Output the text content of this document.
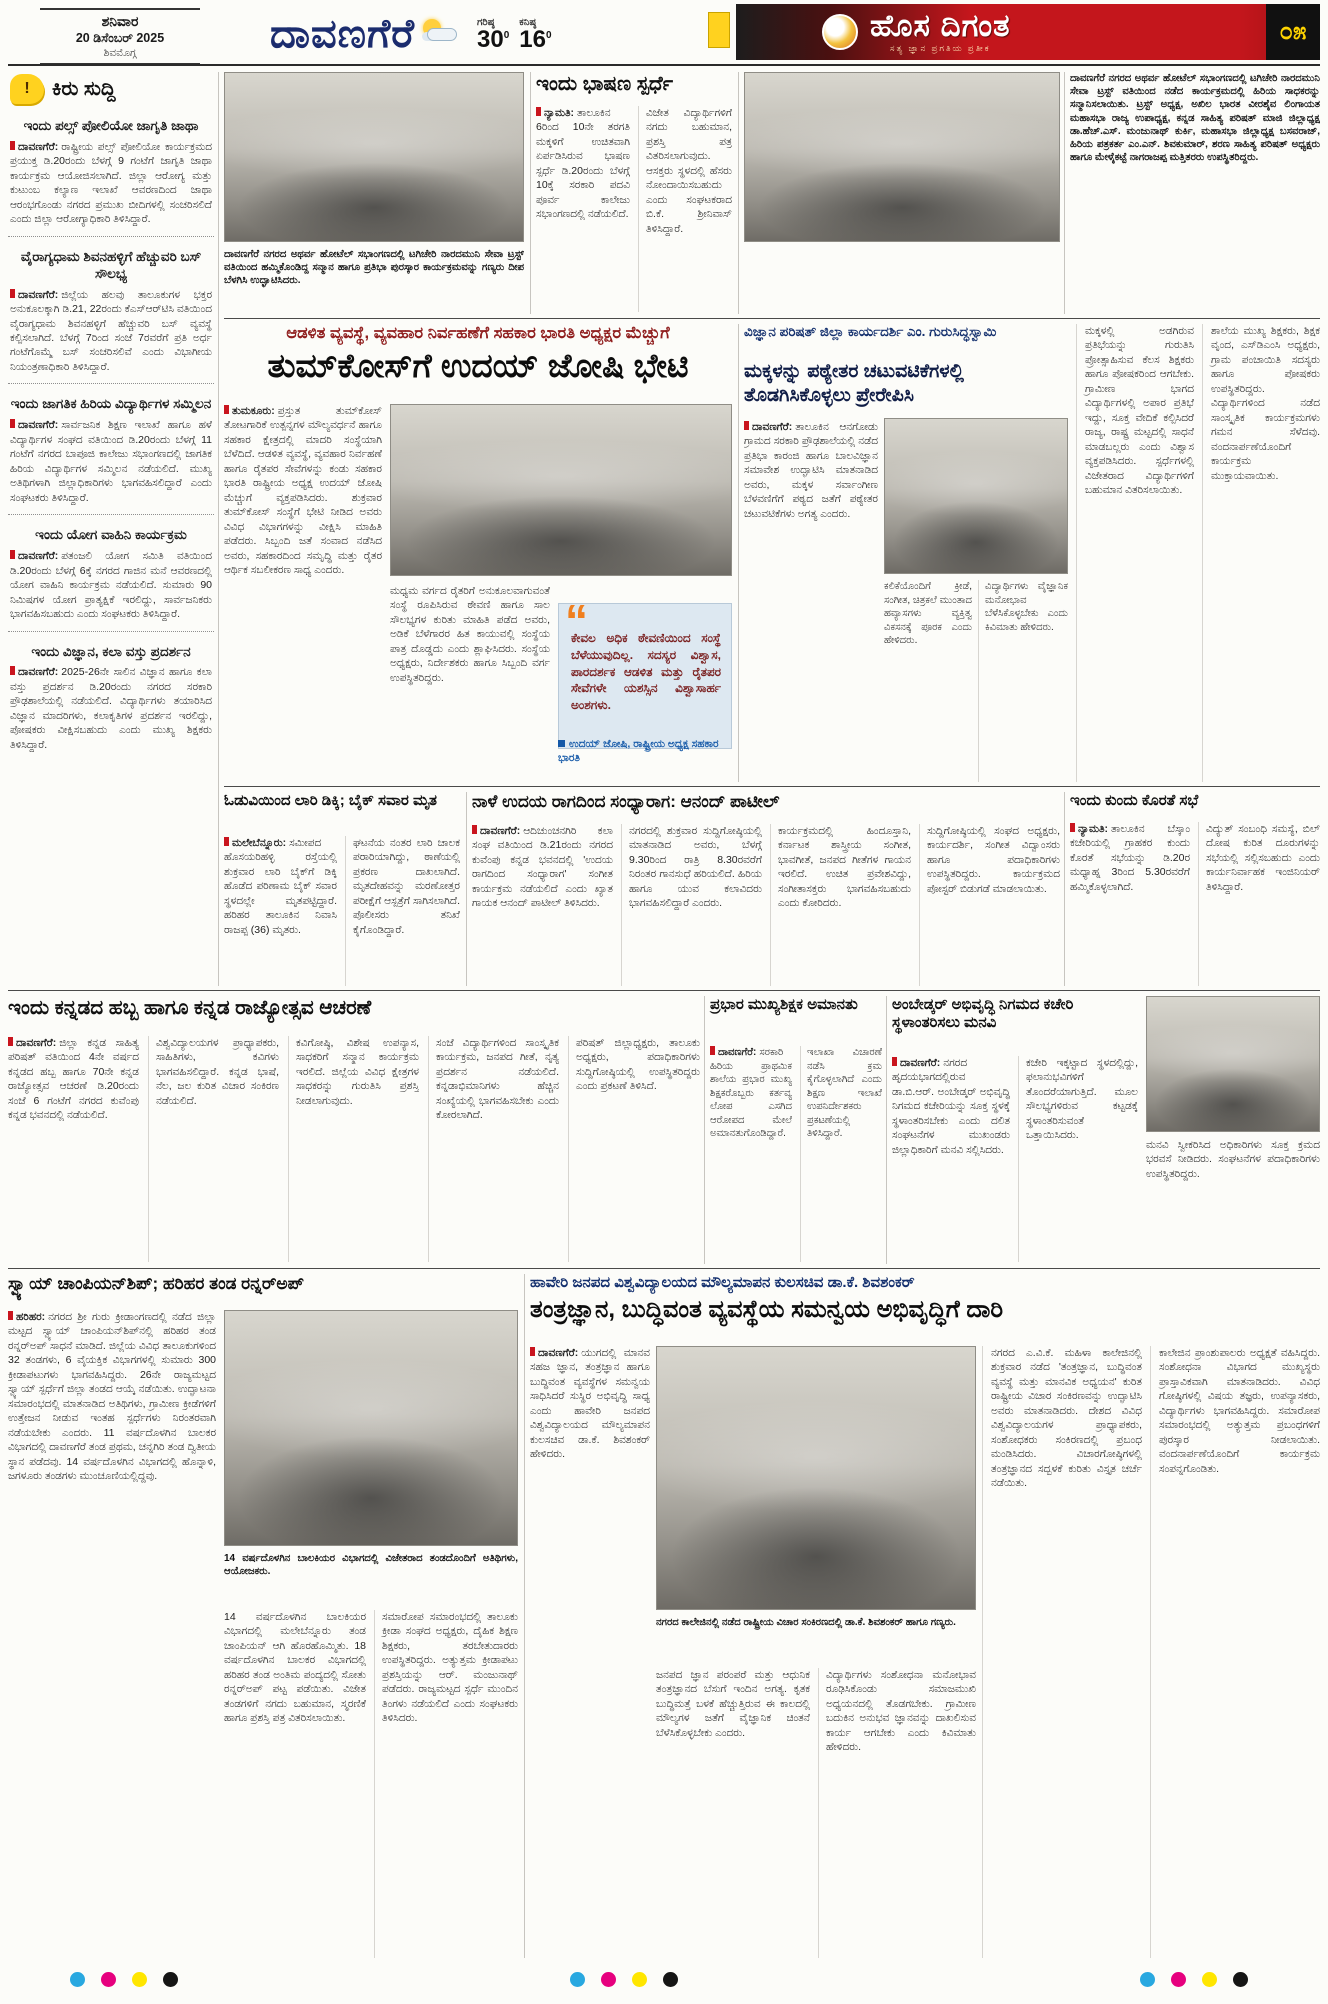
ಶನಿವಾರ
20 ಡಿಸೆಂಬರ್ 2025
ಶಿವಮೊಗ್ಗ	ದಾವಣಗೆರೆ	ಗರಿಷ್ಠ
$30^0$
ಕನಿಷ್ಠ
$16^0$	ಹೊಸ ದಿಗಂತ
ಸತ್ಯ ಜ್ಞಾನ ಪ್ರಗತಿಯ ಪ್ರತೀಕ
೦೫
!	ಕಿರು ಸುದ್ದಿ
ಇಂದು ಪಲ್ಸ್ ಪೋಲಿಯೋ ಜಾಗೃತಿ ಜಾಥಾ

ದಾವಣಗೆರೆ: ರಾಷ್ಟ್ರೀಯ ಪಲ್ಸ್ ಪೋಲಿಯೋ ಕಾರ್ಯಕ್ರಮದ ಪ್ರಯುಕ್ತ ಡಿ.20ರಂದು ಬೆಳಗ್ಗೆ 9 ಗಂಟೆಗೆ ಜಾಗೃತಿ ಜಾಥಾ ಕಾರ್ಯಕ್ರಮ ಆಯೋಜಿಸಲಾಗಿದೆ. ಜಿಲ್ಲಾ ಆರೋಗ್ಯ ಮತ್ತು ಕುಟುಂಬ ಕಲ್ಯಾಣ ಇಲಾಖೆ ಆವರಣದಿಂದ ಜಾಥಾ ಆರಂಭಗೊಂಡು ನಗರದ ಪ್ರಮುಖ ಬೀದಿಗಳಲ್ಲಿ ಸಂಚರಿಸಲಿದೆ ಎಂದು ಜಿಲ್ಲಾ ಆರೋಗ್ಯಾಧಿಕಾರಿ ತಿಳಿಸಿದ್ದಾರೆ.

ವೈರಾಗ್ಯಧಾಮ ಶಿವನಹಳ್ಳಿಗೆ ಹೆಚ್ಚುವರಿ ಬಸ್ ಸೌಲಭ್ಯ

ದಾವಣಗೆರೆ: ಜಿಲ್ಲೆಯ ಹಲವು ತಾಲೂಕುಗಳ ಭಕ್ತರ ಅನುಕೂಲಕ್ಕಾಗಿ ಡಿ.21, 22ರಂದು ಕೆಎಸ್‌ಆರ್‌ಟಿಸಿ ವತಿಯಿಂದ ವೈರಾಗ್ಯಧಾಮ ಶಿವನಹಳ್ಳಿಗೆ ಹೆಚ್ಚುವರಿ ಬಸ್ ವ್ಯವಸ್ಥೆ ಕಲ್ಪಿಸಲಾಗಿದೆ. ಬೆಳಗ್ಗೆ 7ರಿಂದ ಸಂಜೆ 7ರವರೆಗೆ ಪ್ರತಿ ಅರ್ಧ ಗಂಟೆಗೊಮ್ಮೆ ಬಸ್ ಸಂಚರಿಸಲಿವೆ ಎಂದು ವಿಭಾಗೀಯ ನಿಯಂತ್ರಣಾಧಿಕಾರಿ ತಿಳಿಸಿದ್ದಾರೆ.

ಇಂದು ಜಾಗತಿಕ ಹಿರಿಯ ವಿದ್ಯಾರ್ಥಿಗಳ ಸಮ್ಮಿಲನ

ದಾವಣಗೆರೆ: ಸಾರ್ವಜನಿಕ ಶಿಕ್ಷಣ ಇಲಾಖೆ ಹಾಗೂ ಹಳೆ ವಿದ್ಯಾರ್ಥಿಗಳ ಸಂಘದ ವತಿಯಿಂದ ಡಿ.20ರಂದು ಬೆಳಗ್ಗೆ 11 ಗಂಟೆಗೆ ನಗರದ ಬಾಪೂಜಿ ಕಾಲೇಜು ಸಭಾಂಗಣದಲ್ಲಿ ಜಾಗತಿಕ ಹಿರಿಯ ವಿದ್ಯಾರ್ಥಿಗಳ ಸಮ್ಮಿಲನ ನಡೆಯಲಿದೆ. ಮುಖ್ಯ ಅತಿಥಿಗಳಾಗಿ ಜಿಲ್ಲಾಧಿಕಾರಿಗಳು ಭಾಗವಹಿಸಲಿದ್ದಾರೆ ಎಂದು ಸಂಘಟಕರು ತಿಳಿಸಿದ್ದಾರೆ.

ಇಂದು ಯೋಗ ವಾಹಿನಿ ಕಾರ್ಯಕ್ರಮ

ದಾವಣಗೆರೆ: ಪತಂಜಲಿ ಯೋಗ ಸಮಿತಿ ವತಿಯಿಂದ ಡಿ.20ರಂದು ಬೆಳಗ್ಗೆ 6ಕ್ಕೆ ನಗರದ ಗಾಜಿನ ಮನೆ ಆವರಣದಲ್ಲಿ ಯೋಗ ವಾಹಿನಿ ಕಾರ್ಯಕ್ರಮ ನಡೆಯಲಿದೆ. ಸುಮಾರು 90 ನಿಮಿಷಗಳ ಯೋಗ ಪ್ರಾತ್ಯಕ್ಷಿಕೆ ಇರಲಿದ್ದು, ಸಾರ್ವಜನಿಕರು ಭಾಗವಹಿಸಬಹುದು ಎಂದು ಸಂಘಟಕರು ತಿಳಿಸಿದ್ದಾರೆ.

ಇಂದು ವಿಜ್ಞಾನ, ಕಲಾ ವಸ್ತು ಪ್ರದರ್ಶನ

ದಾವಣಗೆರೆ: 2025-26ನೇ ಸಾಲಿನ ವಿಜ್ಞಾನ ಹಾಗೂ ಕಲಾ ವಸ್ತು ಪ್ರದರ್ಶನ ಡಿ.20ರಂದು ನಗರದ ಸರಕಾರಿ ಪ್ರೌಢಶಾಲೆಯಲ್ಲಿ ನಡೆಯಲಿದೆ. ವಿದ್ಯಾರ್ಥಿಗಳು ತಯಾರಿಸಿದ ವಿಜ್ಞಾನ ಮಾದರಿಗಳು, ಕಲಾಕೃತಿಗಳ ಪ್ರದರ್ಶನ ಇರಲಿದ್ದು, ಪೋಷಕರು ವೀಕ್ಷಿಸಬಹುದು ಎಂದು ಮುಖ್ಯ ಶಿಕ್ಷಕರು ತಿಳಿಸಿದ್ದಾರೆ.

ದಾವಣಗೆರೆ ನಗರದ ಅಥರ್ವ ಹೋಟೆಲ್ ಸಭಾಂಗಣದಲ್ಲಿ ಟಗಿಚೇರಿ ನಾರದಮುನಿ ಸೇವಾ ಟ್ರಸ್ಟ್ ವತಿಯಿಂದ ಹಮ್ಮಿಕೊಂಡಿದ್ದ ಸನ್ಮಾನ ಹಾಗೂ ಪ್ರತಿಭಾ ಪುರಸ್ಕಾರ ಕಾರ್ಯಕ್ರಮವನ್ನು ಗಣ್ಯರು ದೀಪ ಬೆಳಗಿಸಿ ಉದ್ಘಾಟಿಸಿದರು.
ಇಂದು ಭಾಷಣ ಸ್ಪರ್ಧೆ
ನ್ಯಾಮತಿ: ತಾಲೂಕಿನ 6ರಿಂದ 10ನೇ ತರಗತಿ ಮಕ್ಕಳಿಗೆ ಉಚಿತವಾಗಿ ಏರ್ಪಡಿಸಿರುವ ಭಾಷಣ ಸ್ಪರ್ಧೆ ಡಿ.20ರಂದು ಬೆಳಗ್ಗೆ 10ಕ್ಕೆ ಸರಕಾರಿ ಪದವಿ ಪೂರ್ವ ಕಾಲೇಜು ಸಭಾಂಗಣದಲ್ಲಿ ನಡೆಯಲಿದೆ.
ವಿಜೇತ ವಿದ್ಯಾರ್ಥಿಗಳಿಗೆ ನಗದು ಬಹುಮಾನ, ಪ್ರಶಸ್ತಿ ಪತ್ರ ವಿತರಿಸಲಾಗುವುದು. ಆಸಕ್ತರು ಸ್ಥಳದಲ್ಲಿ ಹೆಸರು ನೋಂದಾಯಿಸಬಹುದು ಎಂದು ಸಂಘಟಕರಾದ ಬಿ.ಕೆ. ಶ್ರೀನಿವಾಸ್ ತಿಳಿಸಿದ್ದಾರೆ.
ದಾವಣಗೆರೆ ನಗರದ ಅಥರ್ವ ಹೋಟೆಲ್ ಸಭಾಂಗಣದಲ್ಲಿ ಟಗಿಚೇರಿ ನಾರದಮುನಿ ಸೇವಾ ಟ್ರಸ್ಟ್ ವತಿಯಿಂದ ನಡೆದ ಕಾರ್ಯಕ್ರಮದಲ್ಲಿ ಹಿರಿಯ ಸಾಧಕರನ್ನು ಸನ್ಮಾನಿಸಲಾಯಿತು. ಟ್ರಸ್ಟ್ ಅಧ್ಯಕ್ಷ, ಅಖಿಲ ಭಾರತ ವೀರಶೈವ ಲಿಂಗಾಯತ ಮಹಾಸಭಾ ರಾಜ್ಯ ಉಪಾಧ್ಯಕ್ಷ, ಕನ್ನಡ ಸಾಹಿತ್ಯ ಪರಿಷತ್ ಮಾಜಿ ಜಿಲ್ಲಾಧ್ಯಕ್ಷ ಡಾ.ಹೆಚ್.ಎಸ್. ಮಂಜುನಾಥ್ ಕುರ್ಕಿ, ಮಹಾಸಭಾ ಜಿಲ್ಲಾಧ್ಯಕ್ಷ ಬಸವರಾಜ್, ಹಿರಿಯ ಪತ್ರಕರ್ತ ಎಂ.ಎನ್. ಶಿವಕುಮಾರ್, ಶರಣ ಸಾಹಿತ್ಯ ಪರಿಷತ್ ಅಧ್ಯಕ್ಷರು ಹಾಗೂ ಮೇಳೈಕಟ್ಟೆ ನಾಗರಾಜಪ್ಪ ಮತ್ತಿತರರು ಉಪಸ್ಥಿತರಿದ್ದರು.
ಆಡಳಿತ ವ್ಯವಸ್ಥೆ, ವ್ಯವಹಾರ ನಿರ್ವಹಣೆಗೆ ಸಹಕಾರ ಭಾರತಿ ಅಧ್ಯಕ್ಷರ ಮೆಚ್ಚುಗೆ
ತುಮ್‌ಕೋಸ್‌ಗೆ ಉದಯ್ ಜೋಷಿ ಭೇಟಿ
ತುಮಕೂರು: ಪ್ರಸ್ತುತ ತುಮ್‌ಕೋಸ್ ತೋಟಗಾರಿಕೆ ಉತ್ಪನ್ನಗಳ ಮೌಲ್ಯವರ್ಧನೆ ಹಾಗೂ ಸಹಕಾರ ಕ್ಷೇತ್ರದಲ್ಲಿ ಮಾದರಿ ಸಂಸ್ಥೆಯಾಗಿ ಬೆಳೆದಿದೆ. ಆಡಳಿತ ವ್ಯವಸ್ಥೆ, ವ್ಯವಹಾರ ನಿರ್ವಹಣೆ ಹಾಗೂ ರೈತಪರ ಸೇವೆಗಳನ್ನು ಕಂಡು ಸಹಕಾರ ಭಾರತಿ ರಾಷ್ಟ್ರೀಯ ಅಧ್ಯಕ್ಷ ಉದಯ್ ಜೋಷಿ ಮೆಚ್ಚುಗೆ ವ್ಯಕ್ತಪಡಿಸಿದರು. ಶುಕ್ರವಾರ ತುಮ್‌ಕೋಸ್ ಸಂಸ್ಥೆಗೆ ಭೇಟಿ ನೀಡಿದ ಅವರು ವಿವಿಧ ವಿಭಾಗಗಳನ್ನು ವೀಕ್ಷಿಸಿ ಮಾಹಿತಿ ಪಡೆದರು. ಸಿಬ್ಬಂದಿ ಜತೆ ಸಂವಾದ ನಡೆಸಿದ ಅವರು, ಸಹಕಾರದಿಂದ ಸಮೃದ್ಧಿ ಮತ್ತು ರೈತರ ಆರ್ಥಿಕ ಸಬಲೀಕರಣ ಸಾಧ್ಯ ಎಂದರು.
ಮಧ್ಯಮ ವರ್ಗದ ರೈತರಿಗೆ ಅನುಕೂಲವಾಗುವಂತೆ ಸಂಸ್ಥೆ ರೂಪಿಸಿರುವ ಠೇವಣಿ ಹಾಗೂ ಸಾಲ ಸೌಲಭ್ಯಗಳ ಕುರಿತು ಮಾಹಿತಿ ಪಡೆದ ಅವರು, ಅಡಿಕೆ ಬೆಳೆಗಾರರ ಹಿತ ಕಾಯುವಲ್ಲಿ ಸಂಸ್ಥೆಯ ಪಾತ್ರ ದೊಡ್ಡದು ಎಂದು ಶ್ಲಾಘಿಸಿದರು. ಸಂಸ್ಥೆಯ ಅಧ್ಯಕ್ಷರು, ನಿರ್ದೇಶಕರು ಹಾಗೂ ಸಿಬ್ಬಂದಿ ವರ್ಗ ಉಪಸ್ಥಿತರಿದ್ದರು.
“
ಕೇವಲ ಅಧಿಕ ಠೇವಣಿಯಿಂದ ಸಂಸ್ಥೆ ಬೆಳೆಯುವುದಿಲ್ಲ. ಸದಸ್ಯರ ವಿಶ್ವಾಸ, ಪಾರದರ್ಶಕ ಆಡಳಿತ ಮತ್ತು ರೈತಪರ ಸೇವೆಗಳೇ ಯಶಸ್ಸಿನ ವಿಶ್ವಾಸಾರ್ಹ ಅಂಶಗಳು.
ಉದಯ್ ಜೋಷಿ, ರಾಷ್ಟ್ರೀಯ ಅಧ್ಯಕ್ಷ ಸಹಕಾರ ಭಾರತಿ
ವಿಜ್ಞಾನ ಪರಿಷತ್ ಜಿಲ್ಲಾ ಕಾರ್ಯದರ್ಶಿ ಎಂ. ಗುರುಸಿದ್ಧಸ್ವಾಮಿ
ಮಕ್ಕಳನ್ನು ಪಠ್ಯೇತರ ಚಟುವಟಿಕೆಗಳಲ್ಲಿ ತೊಡಗಿಸಿಕೊಳ್ಳಲು ಪ್ರೇರೇಪಿಸಿ
ದಾವಣಗೆರೆ: ತಾಲೂಕಿನ ಆನಗೋಡು ಗ್ರಾಮದ ಸರಕಾರಿ ಪ್ರೌಢಶಾಲೆಯಲ್ಲಿ ನಡೆದ ಪ್ರತಿಭಾ ಕಾರಂಜಿ ಹಾಗೂ ಬಾಲವಿಜ್ಞಾನ ಸಮಾವೇಶ ಉದ್ಘಾಟಿಸಿ ಮಾತನಾಡಿದ ಅವರು, ಮಕ್ಕಳ ಸರ್ವಾಂಗೀಣ ಬೆಳವಣಿಗೆಗೆ ಪಠ್ಯದ ಜತೆಗೆ ಪಠ್ಯೇತರ ಚಟುವಟಿಕೆಗಳು ಅಗತ್ಯ ಎಂದರು.
ಕಲಿಕೆಯೊಂದಿಗೆ ಕ್ರೀಡೆ, ಸಂಗೀತ, ಚಿತ್ರಕಲೆ ಮುಂತಾದ ಹವ್ಯಾಸಗಳು ವ್ಯಕ್ತಿತ್ವ ವಿಕಸನಕ್ಕೆ ಪೂರಕ ಎಂದು ಹೇಳಿದರು.
ವಿದ್ಯಾರ್ಥಿಗಳು ವೈಜ್ಞಾನಿಕ ಮನೋಭಾವ ಬೆಳೆಸಿಕೊಳ್ಳಬೇಕು ಎಂದು ಕಿವಿಮಾತು ಹೇಳಿದರು.
ಮಕ್ಕಳಲ್ಲಿ ಅಡಗಿರುವ ಪ್ರತಿಭೆಯನ್ನು ಗುರುತಿಸಿ ಪ್ರೋತ್ಸಾಹಿಸುವ ಕೆಲಸ ಶಿಕ್ಷಕರು ಹಾಗೂ ಪೋಷಕರಿಂದ ಆಗಬೇಕು. ಗ್ರಾಮೀಣ ಭಾಗದ ವಿದ್ಯಾರ್ಥಿಗಳಲ್ಲಿ ಅಪಾರ ಪ್ರತಿಭೆ ಇದ್ದು, ಸೂಕ್ತ ವೇದಿಕೆ ಕಲ್ಪಿಸಿದರೆ ರಾಜ್ಯ, ರಾಷ್ಟ್ರ ಮಟ್ಟದಲ್ಲಿ ಸಾಧನೆ ಮಾಡಬಲ್ಲರು ಎಂದು ವಿಶ್ವಾಸ ವ್ಯಕ್ತಪಡಿಸಿದರು. ಸ್ಪರ್ಧೆಗಳಲ್ಲಿ ವಿಜೇತರಾದ ವಿದ್ಯಾರ್ಥಿಗಳಿಗೆ ಬಹುಮಾನ ವಿತರಿಸಲಾಯಿತು.
ಶಾಲೆಯ ಮುಖ್ಯ ಶಿಕ್ಷಕರು, ಶಿಕ್ಷಕ ವೃಂದ, ಎಸ್‌ಡಿಎಂಸಿ ಅಧ್ಯಕ್ಷರು, ಗ್ರಾಮ ಪಂಚಾಯಿತಿ ಸದಸ್ಯರು ಹಾಗೂ ಪೋಷಕರು ಉಪಸ್ಥಿತರಿದ್ದರು. ವಿದ್ಯಾರ್ಥಿಗಳಿಂದ ನಡೆದ ಸಾಂಸ್ಕೃತಿಕ ಕಾರ್ಯಕ್ರಮಗಳು ಗಮನ ಸೆಳೆದವು. ವಂದನಾರ್ಪಣೆಯೊಂದಿಗೆ ಕಾರ್ಯಕ್ರಮ ಮುಕ್ತಾಯವಾಯಿತು.
ಓಡುವಿಯಿಂದ ಲಾರಿ ಡಿಕ್ಕಿ; ಬೈಕ್ ಸವಾರ ಮೃತ
ಮಲೇಬೆನ್ನೂರು: ಸಮೀಪದ ಹೊಸಯರಿಹಳ್ಳಿ ರಸ್ತೆಯಲ್ಲಿ ಶುಕ್ರವಾರ ಲಾರಿ ಬೈಕ್‌ಗೆ ಡಿಕ್ಕಿ ಹೊಡೆದ ಪರಿಣಾಮ ಬೈಕ್ ಸವಾರ ಸ್ಥಳದಲ್ಲೇ ಮೃತಪಟ್ಟಿದ್ದಾರೆ. ಹರಿಹರ ತಾಲೂಕಿನ ನಿವಾಸಿ ರಾಜಪ್ಪ (36) ಮೃತರು.
ಘಟನೆಯ ನಂತರ ಲಾರಿ ಚಾಲಕ ಪರಾರಿಯಾಗಿದ್ದು, ಠಾಣೆಯಲ್ಲಿ ಪ್ರಕರಣ ದಾಖಲಾಗಿದೆ. ಮೃತದೇಹವನ್ನು ಮರಣೋತ್ತರ ಪರೀಕ್ಷೆಗೆ ಆಸ್ಪತ್ರೆಗೆ ಸಾಗಿಸಲಾಗಿದೆ. ಪೊಲೀಸರು ತನಿಖೆ ಕೈಗೊಂಡಿದ್ದಾರೆ.
ನಾಳೆ ಉದಯ ರಾಗದಿಂದ ಸಂಧ್ಯಾರಾಗ: ಆನಂದ್ ಪಾಟೀಲ್
ದಾವಣಗೆರೆ: ಆದಿಚುಂಚನಗಿರಿ ಕಲಾ ಸಂಘ ವತಿಯಿಂದ ಡಿ.21ರಂದು ನಗರದ ಕುವೆಂಪು ಕನ್ನಡ ಭವನದಲ್ಲಿ 'ಉದಯ ರಾಗದಿಂದ ಸಂಧ್ಯಾರಾಗ' ಸಂಗೀತ ಕಾರ್ಯಕ್ರಮ ನಡೆಯಲಿದೆ ಎಂದು ಖ್ಯಾತ ಗಾಯಕ ಆನಂದ್ ಪಾಟೀಲ್ ತಿಳಿಸಿದರು.
ನಗರದಲ್ಲಿ ಶುಕ್ರವಾರ ಸುದ್ದಿಗೋಷ್ಠಿಯಲ್ಲಿ ಮಾತನಾಡಿದ ಅವರು, ಬೆಳಗ್ಗೆ 9.30ರಿಂದ ರಾತ್ರಿ 8.30ರವರೆಗೆ ನಿರಂತರ ಗಾನಸುಧೆ ಹರಿಯಲಿದೆ. ಹಿರಿಯ ಹಾಗೂ ಯುವ ಕಲಾವಿದರು ಭಾಗವಹಿಸಲಿದ್ದಾರೆ ಎಂದರು.
ಕಾರ್ಯಕ್ರಮದಲ್ಲಿ ಹಿಂದೂಸ್ತಾನಿ, ಕರ್ನಾಟಕ ಶಾಸ್ತ್ರೀಯ ಸಂಗೀತ, ಭಾವಗೀತೆ, ಜನಪದ ಗೀತೆಗಳ ಗಾಯನ ಇರಲಿದೆ. ಉಚಿತ ಪ್ರವೇಶವಿದ್ದು, ಸಂಗೀತಾಸಕ್ತರು ಭಾಗವಹಿಸಬಹುದು ಎಂದು ಕೋರಿದರು.
ಸುದ್ದಿಗೋಷ್ಠಿಯಲ್ಲಿ ಸಂಘದ ಅಧ್ಯಕ್ಷರು, ಕಾರ್ಯದರ್ಶಿ, ಸಂಗೀತ ವಿದ್ವಾಂಸರು ಹಾಗೂ ಪದಾಧಿಕಾರಿಗಳು ಉಪಸ್ಥಿತರಿದ್ದರು. ಕಾರ್ಯಕ್ರಮದ ಪೋಸ್ಟರ್ ಬಿಡುಗಡೆ ಮಾಡಲಾಯಿತು.
ಇಂದು ಕುಂದು ಕೊರತೆ ಸಭೆ
ನ್ಯಾಮತಿ: ತಾಲೂಕಿನ ಬೆಸ್ಕಾಂ ಕಚೇರಿಯಲ್ಲಿ ಗ್ರಾಹಕರ ಕುಂದು ಕೊರತೆ ಸಭೆಯನ್ನು ಡಿ.20ರ ಮಧ್ಯಾಹ್ನ 3ರಿಂದ 5.30ರವರೆಗೆ ಹಮ್ಮಿಕೊಳ್ಳಲಾಗಿದೆ.
ವಿದ್ಯುತ್ ಸಂಬಂಧಿ ಸಮಸ್ಯೆ, ಬಿಲ್ ದೋಷ ಕುರಿತ ದೂರುಗಳನ್ನು ಸಭೆಯಲ್ಲಿ ಸಲ್ಲಿಸಬಹುದು ಎಂದು ಕಾರ್ಯನಿರ್ವಾಹಕ ಇಂಜಿನಿಯರ್ ತಿಳಿಸಿದ್ದಾರೆ.
ಇಂದು ಕನ್ನಡದ ಹಬ್ಬ ಹಾಗೂ ಕನ್ನಡ ರಾಜ್ಯೋತ್ಸವ ಆಚರಣೆ
ದಾವಣಗೆರೆ: ಜಿಲ್ಲಾ ಕನ್ನಡ ಸಾಹಿತ್ಯ ಪರಿಷತ್ ವತಿಯಿಂದ 4ನೇ ವರ್ಷದ ಕನ್ನಡದ ಹಬ್ಬ ಹಾಗೂ 70ನೇ ಕನ್ನಡ ರಾಜ್ಯೋತ್ಸವ ಆಚರಣೆ ಡಿ.20ರಂದು ಸಂಜೆ 6 ಗಂಟೆಗೆ ನಗರದ ಕುವೆಂಪು ಕನ್ನಡ ಭವನದಲ್ಲಿ ನಡೆಯಲಿದೆ.
ವಿಶ್ವವಿದ್ಯಾಲಯಗಳ ಪ್ರಾಧ್ಯಾಪಕರು, ಸಾಹಿತಿಗಳು, ಕವಿಗಳು ಭಾಗವಹಿಸಲಿದ್ದಾರೆ. ಕನ್ನಡ ಭಾಷೆ, ನೆಲ, ಜಲ ಕುರಿತ ವಿಚಾರ ಸಂಕಿರಣ ನಡೆಯಲಿದೆ.
ಕವಿಗೋಷ್ಠಿ, ವಿಶೇಷ ಉಪನ್ಯಾಸ, ಸಾಧಕರಿಗೆ ಸನ್ಮಾನ ಕಾರ್ಯಕ್ರಮ ಇರಲಿದೆ. ಜಿಲ್ಲೆಯ ವಿವಿಧ ಕ್ಷೇತ್ರಗಳ ಸಾಧಕರನ್ನು ಗುರುತಿಸಿ ಪ್ರಶಸ್ತಿ ನೀಡಲಾಗುವುದು.
ಸಂಜೆ ವಿದ್ಯಾರ್ಥಿಗಳಿಂದ ಸಾಂಸ್ಕೃತಿಕ ಕಾರ್ಯಕ್ರಮ, ಜನಪದ ಗೀತೆ, ನೃತ್ಯ ಪ್ರದರ್ಶನ ನಡೆಯಲಿದೆ. ಕನ್ನಡಾಭಿಮಾನಿಗಳು ಹೆಚ್ಚಿನ ಸಂಖ್ಯೆಯಲ್ಲಿ ಭಾಗವಹಿಸಬೇಕು ಎಂದು ಕೋರಲಾಗಿದೆ.
ಪರಿಷತ್ ಜಿಲ್ಲಾಧ್ಯಕ್ಷರು, ತಾಲೂಕು ಅಧ್ಯಕ್ಷರು, ಪದಾಧಿಕಾರಿಗಳು ಸುದ್ದಿಗೋಷ್ಠಿಯಲ್ಲಿ ಉಪಸ್ಥಿತರಿದ್ದರು ಎಂದು ಪ್ರಕಟಣೆ ತಿಳಿಸಿದೆ.
ಪ್ರಭಾರ ಮುಖ್ಯಶಿಕ್ಷಕ ಅಮಾನತು
ದಾವಣಗೆರೆ: ಸರಕಾರಿ ಹಿರಿಯ ಪ್ರಾಥಮಿಕ ಶಾಲೆಯ ಪ್ರಭಾರ ಮುಖ್ಯ ಶಿಕ್ಷಕರೊಬ್ಬರು ಕರ್ತವ್ಯ ಲೋಪ ಎಸಗಿದ ಆರೋಪದ ಮೇಲೆ ಅಮಾನತುಗೊಂಡಿದ್ದಾರೆ.
ಇಲಾಖಾ ವಿಚಾರಣೆ ನಡೆಸಿ ಕ್ರಮ ಕೈಗೊಳ್ಳಲಾಗಿದೆ ಎಂದು ಶಿಕ್ಷಣ ಇಲಾಖೆ ಉಪನಿರ್ದೇಶಕರು ಪ್ರಕಟಣೆಯಲ್ಲಿ ತಿಳಿಸಿದ್ದಾರೆ.
ಅಂಬೇಡ್ಕರ್ ಅಭಿವೃದ್ಧಿ ನಿಗಮದ ಕಚೇರಿ ಸ್ಥಳಾಂತರಿಸಲು ಮನವಿ
ದಾವಣಗೆರೆ: ನಗರದ ಹೃದಯಭಾಗದಲ್ಲಿರುವ ಡಾ.ಬಿ.ಆರ್. ಅಂಬೇಡ್ಕರ್ ಅಭಿವೃದ್ಧಿ ನಿಗಮದ ಕಚೇರಿಯನ್ನು ಸೂಕ್ತ ಸ್ಥಳಕ್ಕೆ ಸ್ಥಳಾಂತರಿಸಬೇಕು ಎಂದು ದಲಿತ ಸಂಘಟನೆಗಳ ಮುಖಂಡರು ಜಿಲ್ಲಾಧಿಕಾರಿಗೆ ಮನವಿ ಸಲ್ಲಿಸಿದರು.
ಕಚೇರಿ ಇಕ್ಕಟ್ಟಾದ ಸ್ಥಳದಲ್ಲಿದ್ದು, ಫಲಾನುಭವಿಗಳಿಗೆ ತೊಂದರೆಯಾಗುತ್ತಿದೆ. ಮೂಲ ಸೌಲಭ್ಯಗಳಿರುವ ಕಟ್ಟಡಕ್ಕೆ ಸ್ಥಳಾಂತರಿಸುವಂತೆ ಒತ್ತಾಯಿಸಿದರು.
ಮನವಿ ಸ್ವೀಕರಿಸಿದ ಅಧಿಕಾರಿಗಳು ಸೂಕ್ತ ಕ್ರಮದ ಭರವಸೆ ನೀಡಿದರು. ಸಂಘಟನೆಗಳ ಪದಾಧಿಕಾರಿಗಳು ಉಪಸ್ಥಿತರಿದ್ದರು.
ಸ್ವ್ಯಾಯ್ ಚಾಂಪಿಯನ್‌ಶಿಪ್; ಹರಿಹರ ತಂಡ ರನ್ನರ್‌ಅಪ್
ಹರಿಹರ: ನಗರದ ಶ್ರೀ ಗುರು ಕ್ರೀಡಾಂಗಣದಲ್ಲಿ ನಡೆದ ಜಿಲ್ಲಾ ಮಟ್ಟದ ಸ್ವ್ಯಾಯ್ ಚಾಂಪಿಯನ್‌ಶಿಪ್‌ನಲ್ಲಿ ಹರಿಹರ ತಂಡ ರನ್ನರ್‌ಅಪ್ ಸಾಧನೆ ಮಾಡಿದೆ. ಜಿಲ್ಲೆಯ ವಿವಿಧ ತಾಲೂಕುಗಳಿಂದ 32 ತಂಡಗಳು, 6 ವೈಯಕ್ತಿಕ ವಿಭಾಗಗಳಲ್ಲಿ ಸುಮಾರು 300 ಕ್ರೀಡಾಪಟುಗಳು ಭಾಗವಹಿಸಿದ್ದರು. 26ನೇ ರಾಜ್ಯಮಟ್ಟದ ಸ್ವ್ಯಾಯ್ ಸ್ಪರ್ಧೆಗೆ ಜಿಲ್ಲಾ ತಂಡದ ಆಯ್ಕೆ ನಡೆಯಿತು. ಉದ್ಘಾಟನಾ ಸಮಾರಂಭದಲ್ಲಿ ಮಾತನಾಡಿದ ಅತಿಥಿಗಳು, ಗ್ರಾಮೀಣ ಕ್ರೀಡೆಗಳಿಗೆ ಉತ್ತೇಜನ ನೀಡುವ ಇಂತಹ ಸ್ಪರ್ಧೆಗಳು ನಿರಂತರವಾಗಿ ನಡೆಯಬೇಕು ಎಂದರು. 11 ವರ್ಷದೊಳಗಿನ ಬಾಲಕರ ವಿಭಾಗದಲ್ಲಿ ದಾವಣಗೆರೆ ತಂಡ ಪ್ರಥಮ, ಚನ್ನಗಿರಿ ತಂಡ ದ್ವಿತೀಯ ಸ್ಥಾನ ಪಡೆದವು. 14 ವರ್ಷದೊಳಗಿನ ವಿಭಾಗದಲ್ಲಿ ಹೊನ್ನಾಳಿ, ಜಗಳೂರು ತಂಡಗಳು ಮುಂಚೂಣಿಯಲ್ಲಿದ್ದವು.
14 ವರ್ಷದೊಳಗಿನ ಬಾಲಕಿಯರ ವಿಭಾಗದಲ್ಲಿ ವಿಜೇತರಾದ ತಂಡದೊಂದಿಗೆ ಅತಿಥಿಗಳು, ಆಯೋಜಕರು.
14 ವರ್ಷದೊಳಗಿನ ಬಾಲಕಿಯರ ವಿಭಾಗದಲ್ಲಿ ಮಲೇಬೆನ್ನೂರು ತಂಡ ಚಾಂಪಿಯನ್ ಆಗಿ ಹೊರಹೊಮ್ಮಿತು. 18 ವರ್ಷದೊಳಗಿನ ಬಾಲಕರ ವಿಭಾಗದಲ್ಲಿ ಹರಿಹರ ತಂಡ ಅಂತಿಮ ಪಂದ್ಯದಲ್ಲಿ ಸೋತು ರನ್ನರ್‌ಅಪ್ ಪಟ್ಟ ಪಡೆಯಿತು. ವಿಜೇತ ತಂಡಗಳಿಗೆ ನಗದು ಬಹುಮಾನ, ಸ್ಮರಣಿಕೆ ಹಾಗೂ ಪ್ರಶಸ್ತಿ ಪತ್ರ ವಿತರಿಸಲಾಯಿತು.
ಸಮಾರೋಪ ಸಮಾರಂಭದಲ್ಲಿ ತಾಲೂಕು ಕ್ರೀಡಾ ಸಂಘದ ಅಧ್ಯಕ್ಷರು, ದೈಹಿಕ ಶಿಕ್ಷಣ ಶಿಕ್ಷಕರು, ತರಬೇತುದಾರರು ಉಪಸ್ಥಿತರಿದ್ದರು. ಅತ್ಯುತ್ತಮ ಕ್ರೀಡಾಪಟು ಪ್ರಶಸ್ತಿಯನ್ನು ಆರ್. ಮಂಜುನಾಥ್ ಪಡೆದರು. ರಾಜ್ಯಮಟ್ಟದ ಸ್ಪರ್ಧೆ ಮುಂದಿನ ತಿಂಗಳು ನಡೆಯಲಿದೆ ಎಂದು ಸಂಘಟಕರು ತಿಳಿಸಿದರು.
ಹಾವೇರಿ ಜನಪದ ವಿಶ್ವವಿದ್ಯಾಲಯದ ಮೌಲ್ಯಮಾಪನ ಕುಲಸಚಿವ ಡಾ.ಕೆ. ಶಿವಶಂಕರ್
ತಂತ್ರಜ್ಞಾನ, ಬುದ್ಧಿವಂತ ವ್ಯವಸ್ಥೆಯ ಸಮನ್ವಯ ಅಭಿವೃದ್ಧಿಗೆ ದಾರಿ
ದಾವಣಗೆರೆ: ಯುಗದಲ್ಲಿ ಮಾನವ ಸಹಜ ಜ್ಞಾನ, ತಂತ್ರಜ್ಞಾನ ಹಾಗೂ ಬುದ್ಧಿವಂತ ವ್ಯವಸ್ಥೆಗಳ ಸಮನ್ವಯ ಸಾಧಿಸಿದರೆ ಸುಸ್ಥಿರ ಅಭಿವೃದ್ಧಿ ಸಾಧ್ಯ ಎಂದು ಹಾವೇರಿ ಜನಪದ ವಿಶ್ವವಿದ್ಯಾಲಯದ ಮೌಲ್ಯಮಾಪನ ಕುಲಸಚಿವ ಡಾ.ಕೆ. ಶಿವಶಂಕರ್ ಹೇಳಿದರು.
ನಗರದ ಕಾಲೇಜಿನಲ್ಲಿ ನಡೆದ ರಾಷ್ಟ್ರೀಯ ವಿಚಾರ ಸಂಕಿರಣದಲ್ಲಿ ಡಾ.ಕೆ. ಶಿವಶಂಕರ್ ಹಾಗೂ ಗಣ್ಯರು.
ಜನಪದ ಜ್ಞಾನ ಪರಂಪರೆ ಮತ್ತು ಆಧುನಿಕ ತಂತ್ರಜ್ಞಾನದ ಬೆಸುಗೆ ಇಂದಿನ ಅಗತ್ಯ. ಕೃತಕ ಬುದ್ಧಿಮತ್ತೆ ಬಳಕೆ ಹೆಚ್ಚುತ್ತಿರುವ ಈ ಕಾಲದಲ್ಲಿ ಮೌಲ್ಯಗಳ ಜತೆಗೆ ವೈಜ್ಞಾನಿಕ ಚಿಂತನೆ ಬೆಳೆಸಿಕೊಳ್ಳಬೇಕು ಎಂದರು.
ವಿದ್ಯಾರ್ಥಿಗಳು ಸಂಶೋಧನಾ ಮನೋಭಾವ ರೂಢಿಸಿಕೊಂಡು ಸಮಾಜಮುಖಿ ಅಧ್ಯಯನದಲ್ಲಿ ತೊಡಗಬೇಕು. ಗ್ರಾಮೀಣ ಬದುಕಿನ ಅನುಭವ ಜ್ಞಾನವನ್ನು ದಾಖಲಿಸುವ ಕಾರ್ಯ ಆಗಬೇಕು ಎಂದು ಕಿವಿಮಾತು ಹೇಳಿದರು.
ನಗರದ ಎ.ವಿ.ಕೆ. ಮಹಿಳಾ ಕಾಲೇಜಿನಲ್ಲಿ ಶುಕ್ರವಾರ ನಡೆದ 'ತಂತ್ರಜ್ಞಾನ, ಬುದ್ಧಿವಂತ ವ್ಯವಸ್ಥೆ ಮತ್ತು ಮಾನವಿಕ ಅಧ್ಯಯನ' ಕುರಿತ ರಾಷ್ಟ್ರೀಯ ವಿಚಾರ ಸಂಕಿರಣವನ್ನು ಉದ್ಘಾಟಿಸಿ ಅವರು ಮಾತನಾಡಿದರು. ದೇಶದ ವಿವಿಧ ವಿಶ್ವವಿದ್ಯಾಲಯಗಳ ಪ್ರಾಧ್ಯಾಪಕರು, ಸಂಶೋಧಕರು ಸಂಕಿರಣದಲ್ಲಿ ಪ್ರಬಂಧ ಮಂಡಿಸಿದರು. ವಿಚಾರಗೋಷ್ಠಿಗಳಲ್ಲಿ ತಂತ್ರಜ್ಞಾನದ ಸದ್ಬಳಕೆ ಕುರಿತು ವಿಸ್ತೃತ ಚರ್ಚೆ ನಡೆಯಿತು.
ಕಾಲೇಜಿನ ಪ್ರಾಂಶುಪಾಲರು ಅಧ್ಯಕ್ಷತೆ ವಹಿಸಿದ್ದರು. ಸಂಶೋಧನಾ ವಿಭಾಗದ ಮುಖ್ಯಸ್ಥರು ಪ್ರಾಸ್ತಾವಿಕವಾಗಿ ಮಾತನಾಡಿದರು. ವಿವಿಧ ಗೋಷ್ಠಿಗಳಲ್ಲಿ ವಿಷಯ ತಜ್ಞರು, ಉಪನ್ಯಾಸಕರು, ವಿದ್ಯಾರ್ಥಿಗಳು ಭಾಗವಹಿಸಿದ್ದರು. ಸಮಾರೋಪ ಸಮಾರಂಭದಲ್ಲಿ ಅತ್ಯುತ್ತಮ ಪ್ರಬಂಧಗಳಿಗೆ ಪುರಸ್ಕಾರ ನೀಡಲಾಯಿತು. ವಂದನಾರ್ಪಣೆಯೊಂದಿಗೆ ಕಾರ್ಯಕ್ರಮ ಸಂಪನ್ನಗೊಂಡಿತು.
